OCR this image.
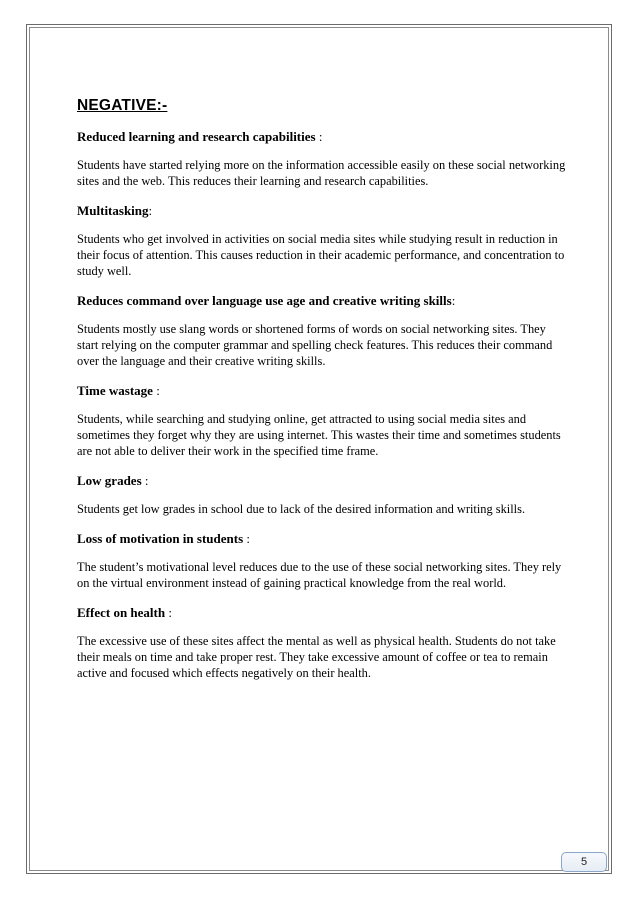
NEGATIVE:-
Reduced learning and research capabilities :
Students have started relying more on the information accessible easily on these social networking sites and the web. This reduces their learning and research capabilities.
Multitasking:
Students who get involved in activities on social media sites while studying result in reduction in their focus of attention. This causes reduction in their academic performance, and concentration to study well.
Reduces command over language use age and creative writing skills:
Students mostly use slang words or shortened forms of words on social networking sites. They start relying on the computer grammar and spelling check features. This reduces their command over the language and their creative writing skills.
Time wastage :
Students, while searching and studying online, get attracted to using social media sites and sometimes they forget why they are using internet. This wastes their time and sometimes students are not able to deliver their work in the specified time frame.
Low grades :
Students get low grades in school due to lack of the desired information and writing skills.
Loss of motivation in students :
The student’s motivational level reduces due to the use of these social networking sites. They rely on the virtual environment instead of gaining practical knowledge from the real world.
Effect on health :
The excessive use of these sites affect the mental as well as physical health. Students do not take their meals on time and take proper rest. They take excessive amount of coffee or tea to remain active and focused which effects negatively on their health.
5
